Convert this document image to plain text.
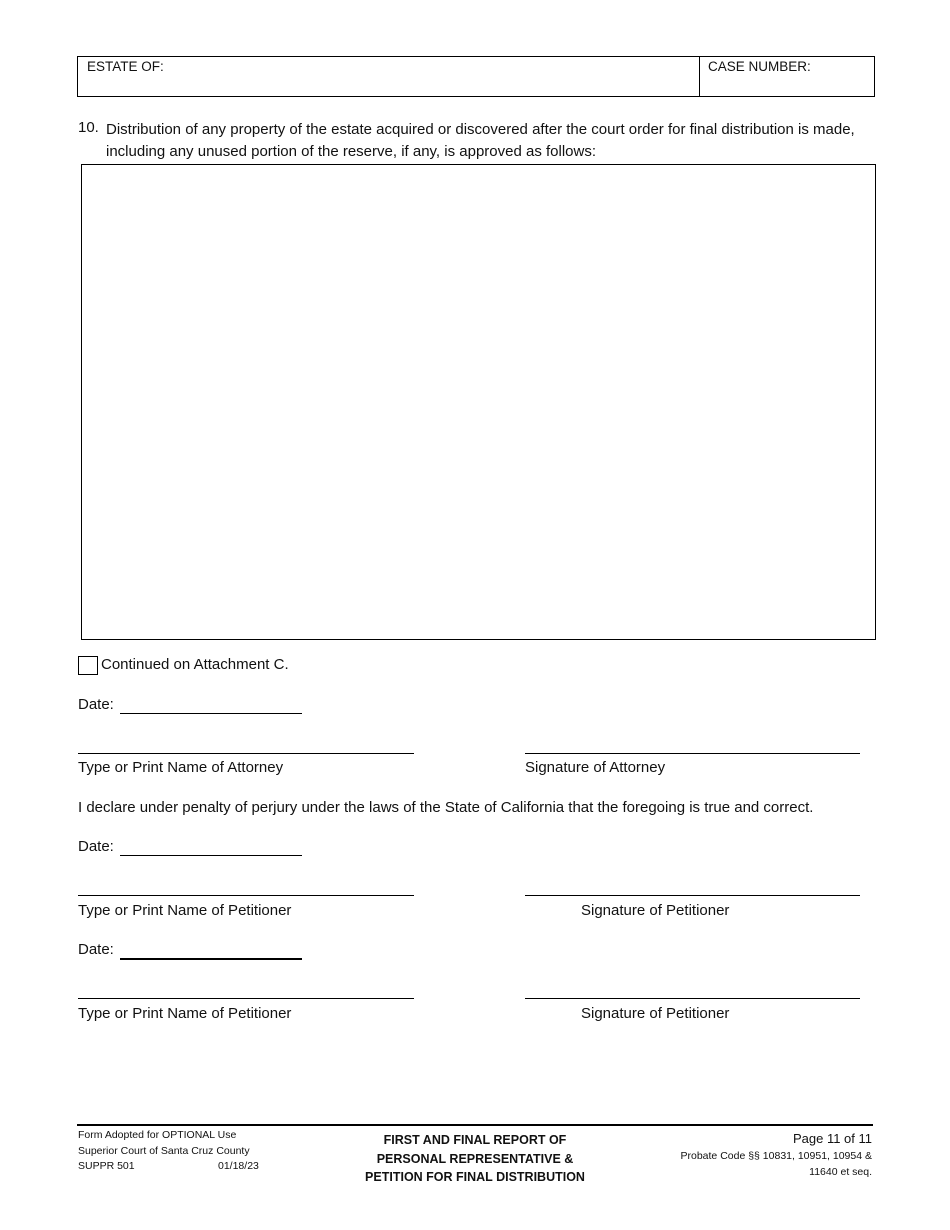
ESTATE OF:	CASE NUMBER:
10. Distribution of any property of the estate acquired or discovered after the court order for final distribution is made, including any unused portion of the reserve, if any, is approved as follows:
Continued on Attachment C.
Date:
Type or Print Name of Attorney	Signature of Attorney
I declare under penalty of perjury under the laws of the State of California that the foregoing is true and correct.
Date:
Type or Print Name of Petitioner	Signature of Petitioner
Date:
Type or Print Name of Petitioner	Signature of Petitioner
Form Adopted for OPTIONAL Use
Superior Court of Santa Cruz County
SUPPR 501	01/18/23
FIRST AND FINAL REPORT OF
PERSONAL REPRESENTATIVE &
PETITION FOR FINAL DISTRIBUTION
Page 11 of 11
Probate Code §§ 10831, 10951, 10954 &
11640 et seq.
